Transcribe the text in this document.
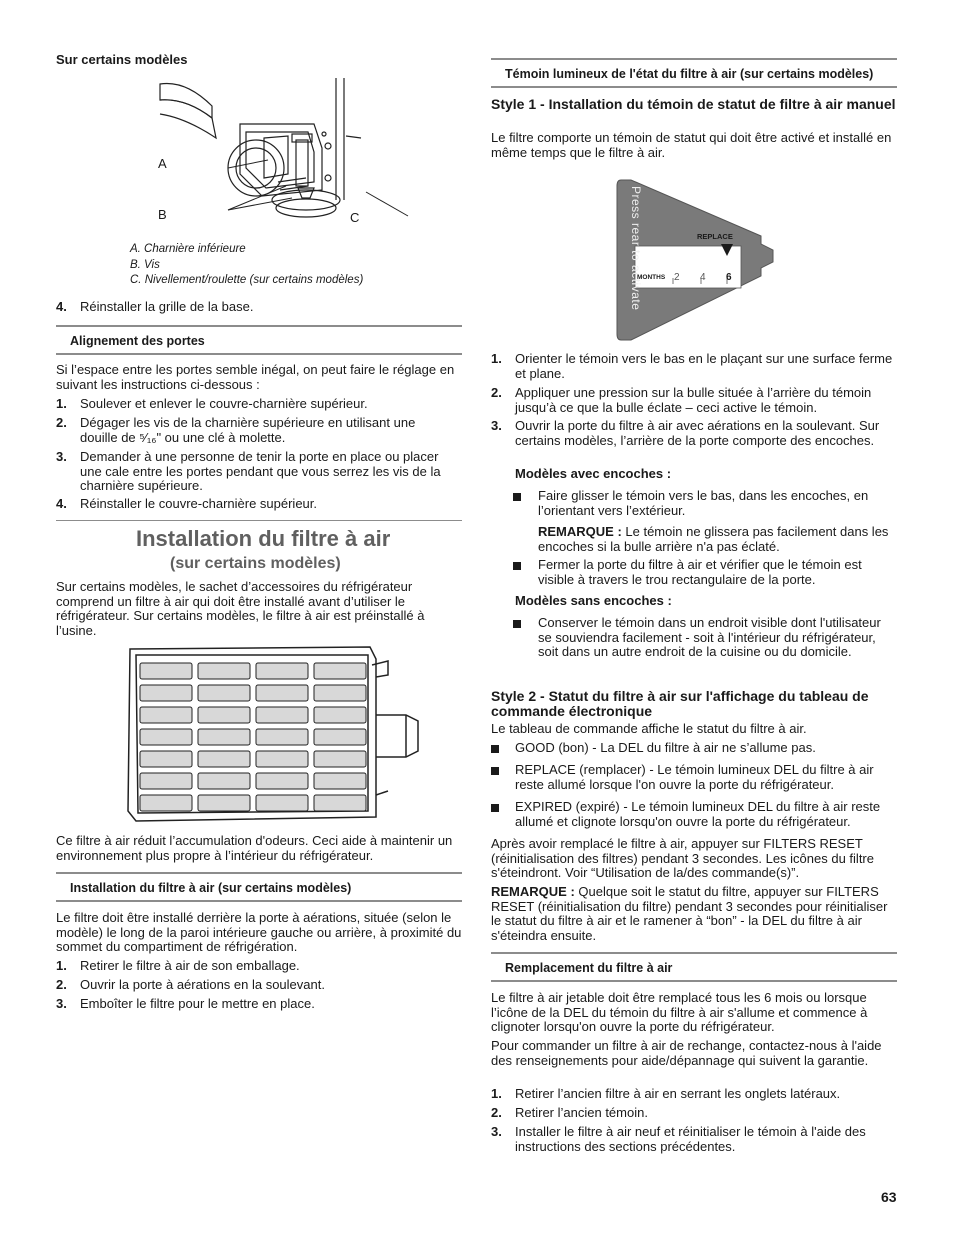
Sur certains modèles
A
B	C
A. Charnière inférieure
B. Vis
C. Nivellement/roulette (sur certains modèles)
4. Réinstaller la grille de la base.
Alignement des portes

Si l’espace entre les portes semble inégal, on peut faire le réglage en suivant les instructions ci-dessous :

1. Soulever et enlever le couvre-charnière supérieur.
2. Dégager les vis de la charnière supérieure en utilisant une douille de ⁵⁄₁₆" ou une clé à molette.
3. Demander à une personne de tenir la porte en place ou placer une cale entre les portes pendant que vous serrez les vis de la charnière supérieure.
4. Réinstaller le couvre-charnière supérieur.
Installation du filtre à air
(sur certains modèles)

Sur certains modèles, le sachet d’accessoires du réfrigérateur comprend un filtre à air qui doit être installé avant d’utiliser le réfrigérateur. Sur certains modèles, le filtre à air est préinstallé à l’usine.

Ce filtre à air réduit l’accumulation d'odeurs. Ceci aide à maintenir un environnement plus propre à l’intérieur du réfrigérateur.

Installation du filtre à air (sur certains modèles)

Le filtre doit être installé derrière la porte à aérations, située (selon le modèle) le long de la paroi intérieure gauche ou arrière, à proximité du sommet du compartiment de réfrigération.

1. Retirer le filtre à air de son emballage.
2. Ouvrir la porte à aérations en la soulevant.
3. Emboîter le filtre pour le mettre en place.
Témoin lumineux de l'état du filtre à air (sur certains modèles)
Style 1 - Installation du témoin de statut de filtre à air manuel

Le filtre comporte un témoin de statut qui doit être activé et installé en même temps que le filtre à air.

Press rear to activate	REPLACE
MONTHS 2 4 6
1. Orienter le témoin vers le bas en le plaçant sur une surface ferme et plane.
2. Appliquer une pression sur la bulle située à l’arrière du témoin jusqu’à ce que la bulle éclate – ceci active le témoin.
3. Ouvrir la porte du filtre à air avec aérations en la soulevant. Sur certains modèles, l’arrière de la porte comporte des encoches.
Modèles avec encoches :
Faire glisser le témoin vers le bas, dans les encoches, en l’orientant vers l’extérieur.

REMARQUE : Le témoin ne glissera pas facilement dans les encoches si la bulle arrière n'a pas éclaté.

Fermer la porte du filtre à air et vérifier que le témoin est visible à travers le trou rectangulaire de la porte.
Modèles sans encoches :
Conserver le témoin dans un endroit visible dont l'utilisateur se souviendra facilement - soit à l'intérieur du réfrigérateur, soit dans un autre endroit de la cuisine ou du domicile.
Style 2 - Statut du filtre à air sur l'affichage du tableau de commande électronique

Le tableau de commande affiche le statut du filtre à air.

GOOD (bon) - La DEL du filtre à air ne s’allume pas.
REPLACE (remplacer) - Le témoin lumineux DEL du filtre à air reste allumé lorsque l'on ouvre la porte du réfrigérateur.
EXPIRED (expiré) - Le témoin lumineux DEL du filtre à air reste allumé et clignote lorsqu'on ouvre la porte du réfrigérateur.

Après avoir remplacé le filtre à air, appuyer sur FILTERS RESET (réinitialisation des filtres) pendant 3 secondes. Les icônes du filtre s'éteindront. Voir “Utilisation de la/des commande(s)”.

REMARQUE : Quelque soit le statut du filtre, appuyer sur FILTERS RESET (réinitialisation du filtre) pendant 3 secondes pour réinitialiser le statut du filtre à air et le ramener à “bon” - la DEL du filtre à air s'éteindra ensuite.

Remplacement du filtre à air

Le filtre à air jetable doit être remplacé tous les 6 mois ou lorsque l’icône de la DEL du témoin du filtre à air s'allume et commence à clignoter lorsqu'on ouvre la porte du réfrigérateur.

Pour commander un filtre à air de rechange, contactez-nous à l'aide des renseignements pour aide/dépannage qui suivent la garantie.

1. Retirer l’ancien filtre à air en serrant les onglets latéraux.
2. Retirer l’ancien témoin.
3. Installer le filtre à air neuf et réinitialiser le témoin à l'aide des instructions des sections précédentes.
63
